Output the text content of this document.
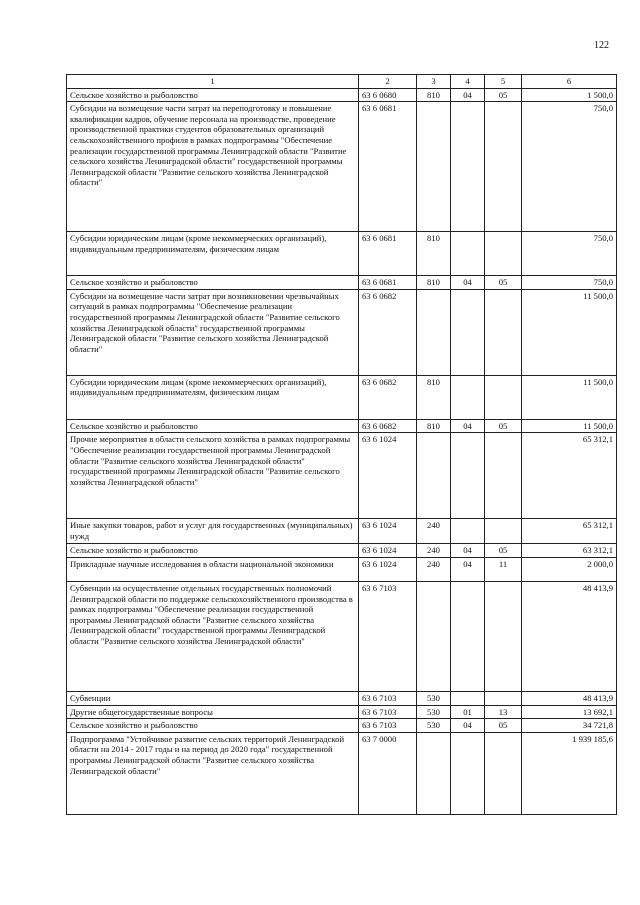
122
1	2	3	4	5	6
Сельское хозяйство и рыболовство	63 6 0680	810	04	05	1 500,0
Субсидии на возмещение части затрат на переподготовку и повышение квалификации кадров, обучение персонала на производстве, проведение производственной практики студентов образовательных организаций сельскохозяйственного профиля в рамках подпрограммы "Обеспечение реализации государственной программы Ленинградской области "Развитие сельского хозяйства Ленинградской области" государственной программы Ленинградской области "Развитие сельского хозяйства Ленинградской области"	63 6 0681				750,0
Субсидии юридическим лицам (кроме некоммерческих организаций), индивидуальным предпринимателям, физическим лицам	63 6 0681	810			750,0
Сельское хозяйство и рыболовство	63 6 0681	810	04	05	750,0
Субсидии на возмещение части затрат при возникновении чрезвычайных ситуаций в рамках подпрограммы "Обеспечение реализации государственной программы Ленинградской области "Развитие сельского хозяйства Ленинградской области" государственной программы Ленинградской области "Развитие сельского хозяйства Ленинградской области"	63 6 0682				11 500,0
Субсидии юридическим лицам (кроме некоммерческих организаций), индивидуальным предпринимателям, физическим лицам	63 6 0682	810			11 500,0
Сельское хозяйство и рыболовство	63 6 0682	810	04	05	11 500,0
Прочие мероприятия в области сельского хозяйства в рамках подпрограммы "Обеспечение реализации государственной программы Ленинградской области "Развитие сельского хозяйства Ленинградской области" государственной программы Ленинградской области "Развитие сельского хозяйства Ленинградской области"	63 6 1024				65 312,1
Иные закупки товаров, работ и услуг для государственных (муниципальных) нужд	63 6 1024	240			65 312,1
Сельское хозяйство и рыболовство	63 6 1024	240	04	05	63 312,1
Прикладные научные исследования в области национальной экономики	63 6 1024	240	04	11	2 000,0
Субвенции на осуществление отдельных государственных полномочий Ленинградской области по поддержке сельскохозяйственного производства в рамках подпрограммы "Обеспечение реализации государственной программы Ленинградской области "Развитие сельского хозяйства Ленинградской области" государственной программы Ленинградской области "Развитие сельского хозяйства Ленинградской области"	63 6 7103				48 413,9
Субвенции	63 6 7103	530			48 413,9
Другие общегосударственные вопросы	63 6 7103	530	01	13	13 692,1
Сельское хозяйство и рыболовство	63 6 7103	530	04	05	34 721,8
Подпрограмма "Устойчивое развитие сельских территорий Ленинградской области на 2014 - 2017 годы и на период до 2020 года" государственной программы Ленинградской области "Развитие сельского хозяйства Ленинградской области"	63 7 0000				1 939 185,6
